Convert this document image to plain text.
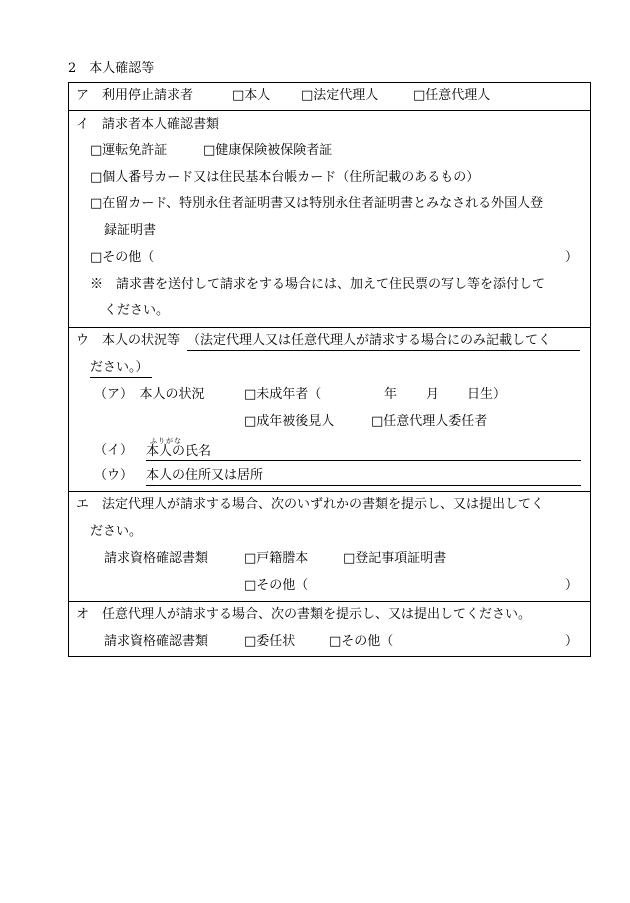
2　本人確認等
ア　利用停止請求者	□本人 □法定代理人	□任意代理人
イ　請求者本人確認書類
□運転免許証	□健康保険被保険者証
□個人番号カード又は住民基本台帳カード（住所記載のあるもの）
□在留カード、特別永住者証明書又は特別永住者証明書とみなされる外国人登
録証明書
□その他（	）
※　請求書を送付して請求をする場合には、加えて住民票の写し等を添付して
ください。
ウ　本人の状況等 （法定代理人又は任意代理人が請求する場合にのみ記載してく
ださい。）
（ア）　本人の状況	□未成年者（	年 月 日生）
□成年被後見人	□任意代理人委任者
（イ）
ふりがな
本人の氏名
（ウ） 本人の住所又は居所
エ　法定代理人が請求する場合、次のいずれかの書類を提示し、又は提出してく
ださい。
請求資格確認書類	□戸籍謄本	□登記事項証明書
□その他（	）
オ　任意代理人が請求する場合、次の書類を提示し、又は提出してください。
請求資格確認書類	□委任状	□その他（	）
